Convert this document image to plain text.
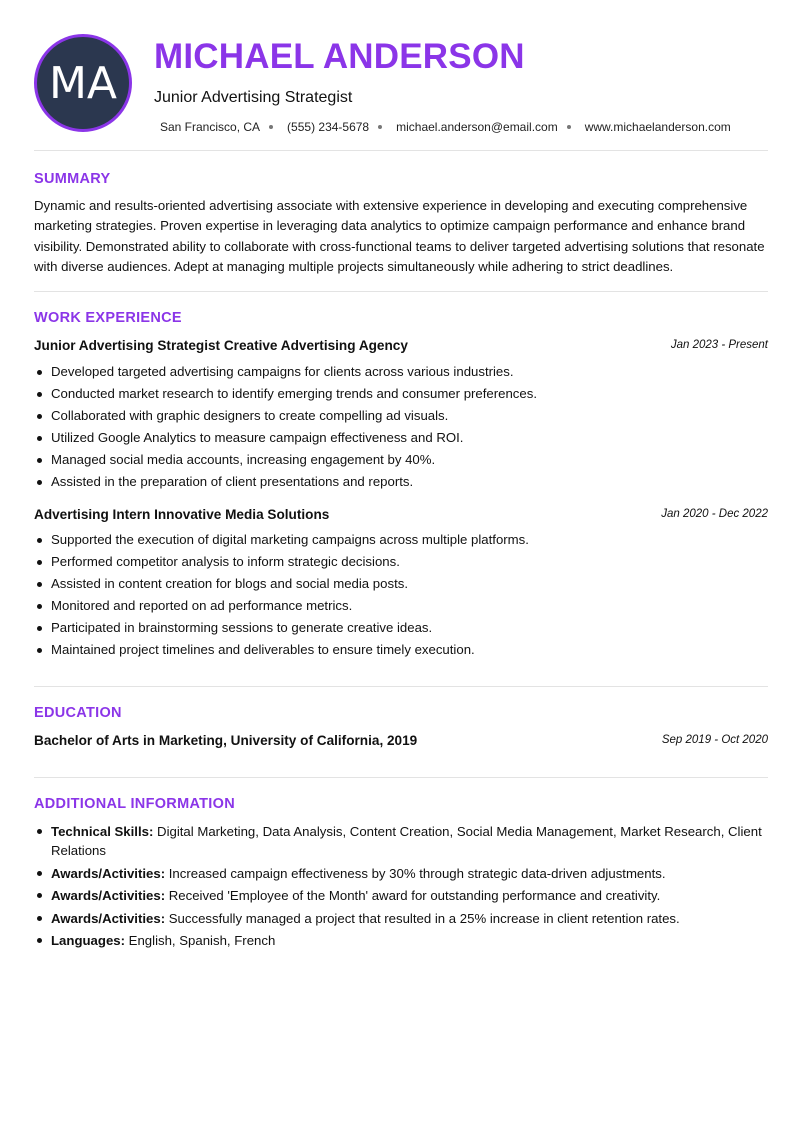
MA
MICHAEL ANDERSON
Junior Advertising Strategist
San Francisco, CA (555) 234-5678 michael.anderson@email.com www.michaelanderson.com
SUMMARY
Dynamic and results-oriented advertising associate with extensive experience in developing and executing comprehensive marketing strategies. Proven expertise in leveraging data analytics to optimize campaign performance and enhance brand visibility. Demonstrated ability to collaborate with cross-functional teams to deliver targeted advertising solutions that resonate with diverse audiences. Adept at managing multiple projects simultaneously while adhering to strict deadlines.
WORK EXPERIENCE
Junior Advertising Strategist Creative Advertising Agency	Jan 2023 - Present
Developed targeted advertising campaigns for clients across various industries.
Conducted market research to identify emerging trends and consumer preferences.
Collaborated with graphic designers to create compelling ad visuals.
Utilized Google Analytics to measure campaign effectiveness and ROI.
Managed social media accounts, increasing engagement by 40%.
Assisted in the preparation of client presentations and reports.
Advertising Intern Innovative Media Solutions	Jan 2020 - Dec 2022
Supported the execution of digital marketing campaigns across multiple platforms.
Performed competitor analysis to inform strategic decisions.
Assisted in content creation for blogs and social media posts.
Monitored and reported on ad performance metrics.
Participated in brainstorming sessions to generate creative ideas.
Maintained project timelines and deliverables to ensure timely execution.
EDUCATION
Bachelor of Arts in Marketing, University of California, 2019	Sep 2019 - Oct 2020
ADDITIONAL INFORMATION
Technical Skills: Digital Marketing, Data Analysis, Content Creation, Social Media Management, Market Research, Client Relations
Awards/Activities: Increased campaign effectiveness by 30% through strategic data-driven adjustments.
Awards/Activities: Received 'Employee of the Month' award for outstanding performance and creativity.
Awards/Activities: Successfully managed a project that resulted in a 25% increase in client retention rates.
Languages: English, Spanish, French
